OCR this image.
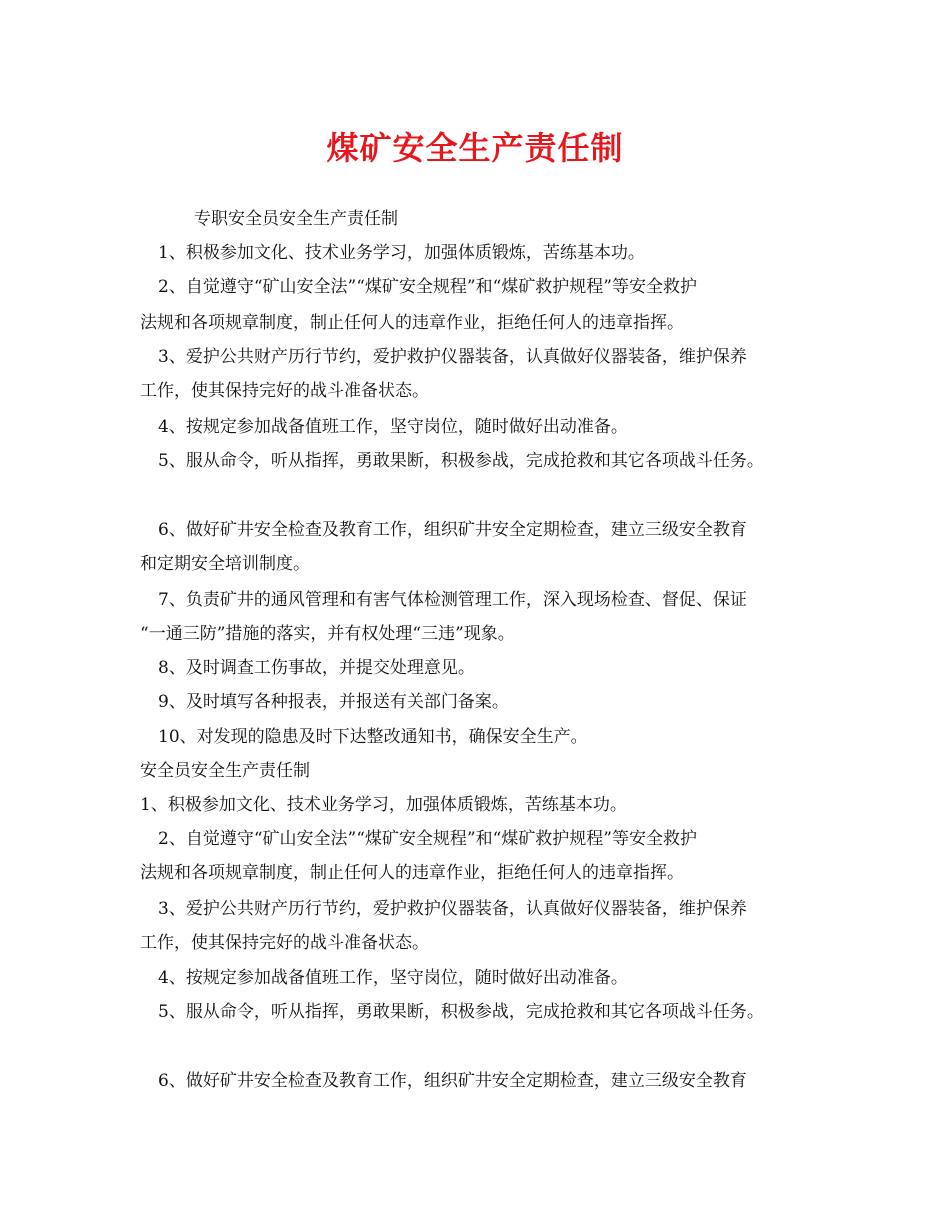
煤矿安全生产责任制
专职安全员安全生产责任制
1、积极参加文化、技术业务学习，加强体质锻炼，苦练基本功。
2、自觉遵守“矿山安全法”“煤矿安全规程”和“煤矿救护规程”等安全救护
法规和各项规章制度，制止任何人的违章作业，拒绝任何人的违章指挥。
3、爱护公共财产历行节约，爱护救护仪器装备，认真做好仪器装备，维护保养
工作，使其保持完好的战斗准备状态。
4、按规定参加战备值班工作，坚守岗位，随时做好出动准备。
5、服从命令，听从指挥，勇敢果断，积极参战，完成抢救和其它各项战斗任务。
6、做好矿井安全检查及教育工作，组织矿井安全定期检查，建立三级安全教育
和定期安全培训制度。
7、负责矿井的通风管理和有害气体检测管理工作，深入现场检查、督促、保证
“一通三防”措施的落实，并有权处理“三违”现象。
8、及时调查工伤事故，并提交处理意见。
9、及时填写各种报表，并报送有关部门备案。
10、对发现的隐患及时下达整改通知书，确保安全生产。
安全员安全生产责任制
1、积极参加文化、技术业务学习，加强体质锻炼，苦练基本功。
2、自觉遵守“矿山安全法”“煤矿安全规程”和“煤矿救护规程”等安全救护
法规和各项规章制度，制止任何人的违章作业，拒绝任何人的违章指挥。
3、爱护公共财产历行节约，爱护救护仪器装备，认真做好仪器装备，维护保养
工作，使其保持完好的战斗准备状态。
4、按规定参加战备值班工作，坚守岗位，随时做好出动准备。
5、服从命令，听从指挥，勇敢果断，积极参战，完成抢救和其它各项战斗任务。
6、做好矿井安全检查及教育工作，组织矿井安全定期检查，建立三级安全教育
